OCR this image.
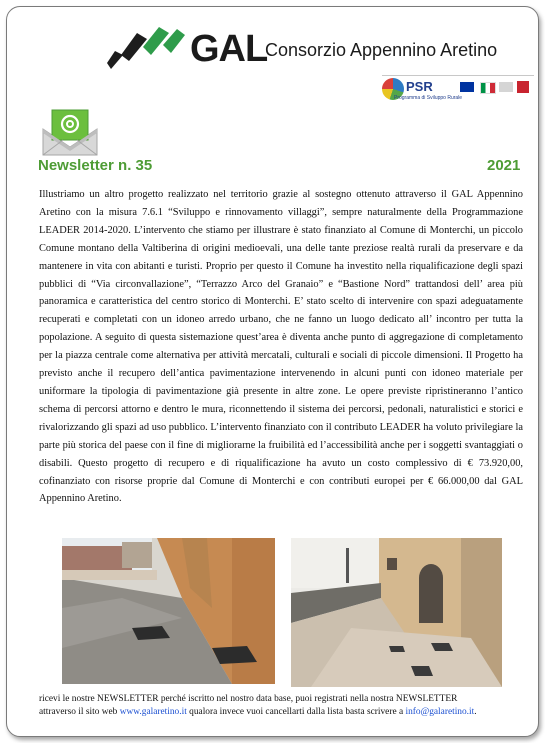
GAL
Consorzio Appennino Aretino
PSR
Programma di Sviluppo Rurale
Newsletter n. 35	2021

Illustriamo un altro progetto realizzato nel territorio grazie al sostegno ottenuto attraverso il GAL Appennino Aretino con la misura 7.6.1 “Sviluppo e rinnovamento villaggi”, sempre naturalmente della Programmazione LEADER 2014-2020. L’intervento che stiamo per illustrare è stato finanziato al Comune di Monterchi, un piccolo Comune montano della Valtiberina di origini medioevali, una delle tante preziose realtà rurali da preservare e da mantenere in vita con abitanti e turisti. Proprio per questo il Comune ha investito nella riqualificazione degli spazi pubblici di “Via circonvallazione”, “Terrazzo Arco del Granaio” e “Bastione Nord” trattandosi dell’ area più panoramica e caratteristica del centro storico di Monterchi. E’ stato scelto di intervenire con spazi adeguatamente recuperati e completati con un idoneo arredo urbano, che ne fanno un luogo dedicato all’ incontro per tutta la popolazione. A seguito di questa sistemazione quest’area è diventa anche punto di aggregazione di completamento per la piazza centrale come alternativa per attività mercatali, culturali e sociali di piccole dimensioni. Il Progetto ha previsto anche il recupero dell’antica pavimentazione intervenendo in alcuni punti con idoneo materiale per uniformare la tipologia di pavimentazione già presente in altre zone. Le opere previste ripristineranno l’antico schema di percorsi attorno e dentro le mura, riconnettendo il sistema dei percorsi, pedonali, naturalistici e storici e rivalorizzando gli spazi ad uso pubblico. L’intervento finanziato con il contributo LEADER ha voluto privilegiare la parte più storica del paese con il fine di migliorarne la fruibilità ed l’accessibilità anche per i soggetti svantaggiati o disabili. Questo progetto di recupero e di riqualificazione ha avuto un costo complessivo di € 73.920,00, cofinanziato con risorse proprie dal Comune di Monterchi e con contributi europei per € 66.000,00 dal GAL Appennino Aretino.

ricevi le nostre NEWSLETTER perché iscritto nel nostro data base, puoi registrati nella nostra NEWSLETTER
attraverso il sito web www.galaretino.it qualora invece vuoi cancellarti dalla lista basta scrivere a info@galaretino.it.
